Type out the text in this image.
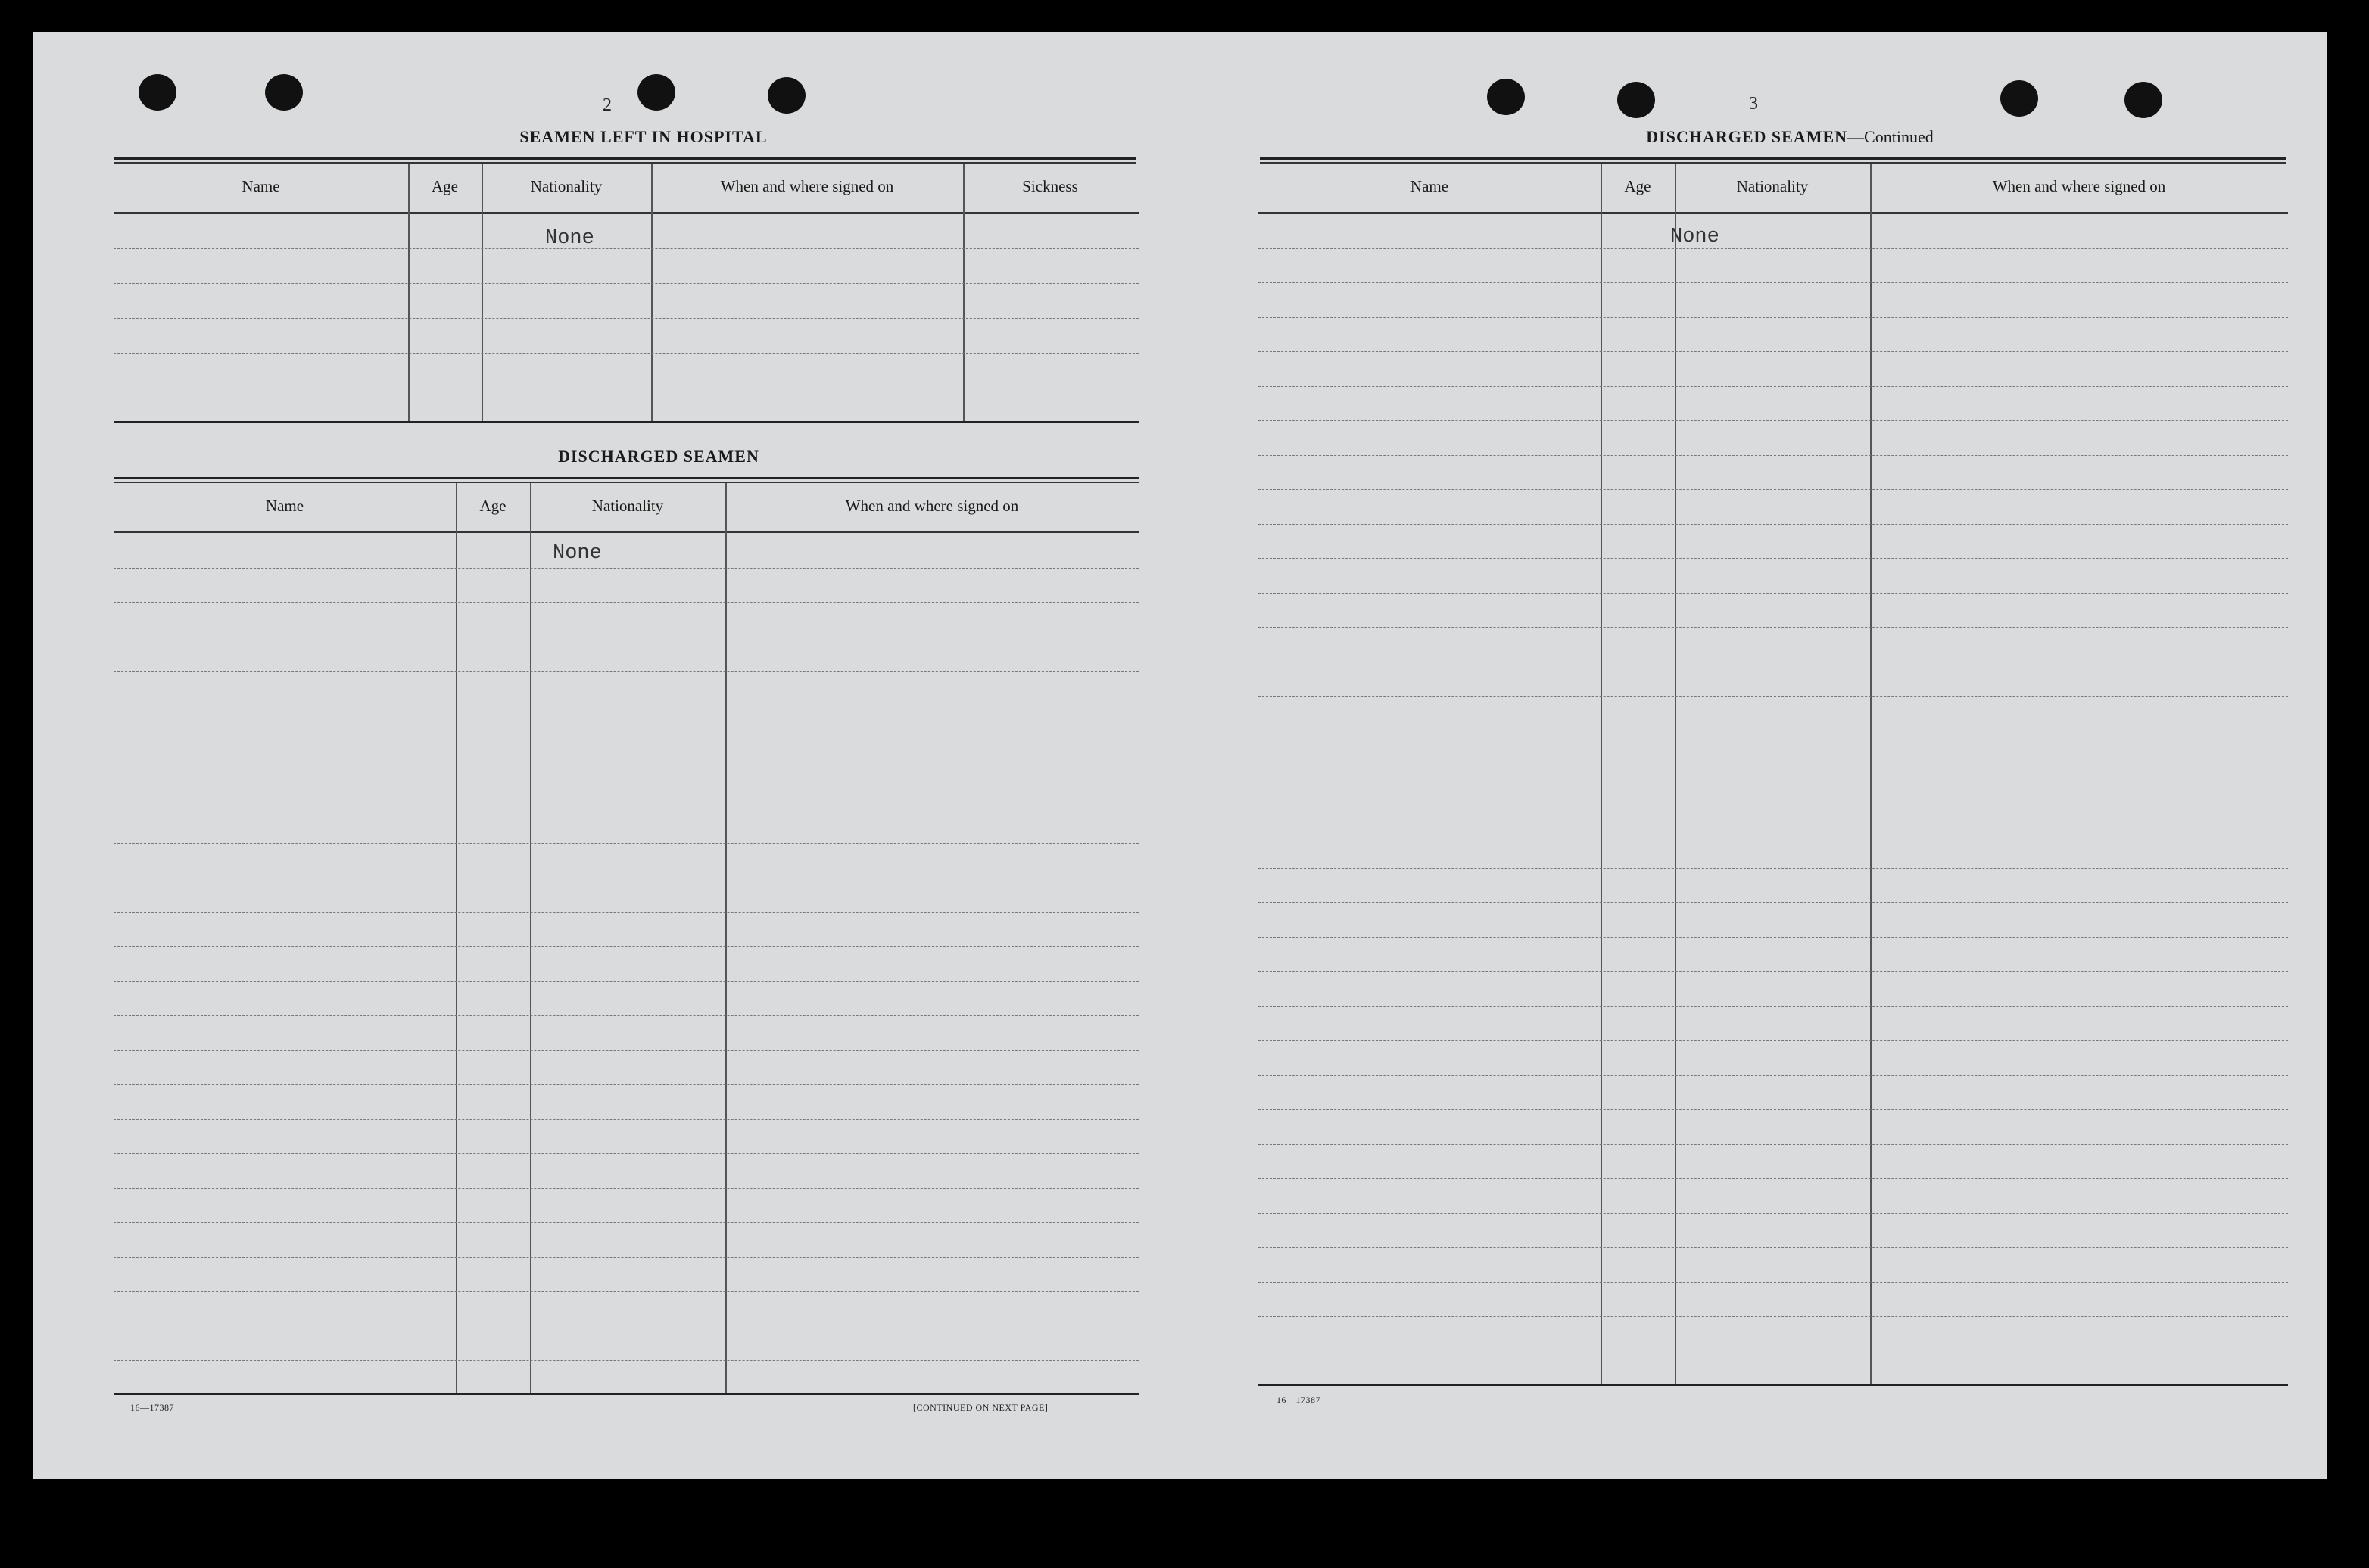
2
SEAMEN LEFT IN HOSPITAL
Name	Age	Nationality	When and where signed on	Sickness
None
DISCHARGED SEAMEN
Name	Age	Nationality	When and where signed on
None
16—17387	[CONTINUED ON NEXT PAGE]
3
DISCHARGED SEAMEN—Continued
Name	Age	Nationality	When and where signed on
None
16—17387
